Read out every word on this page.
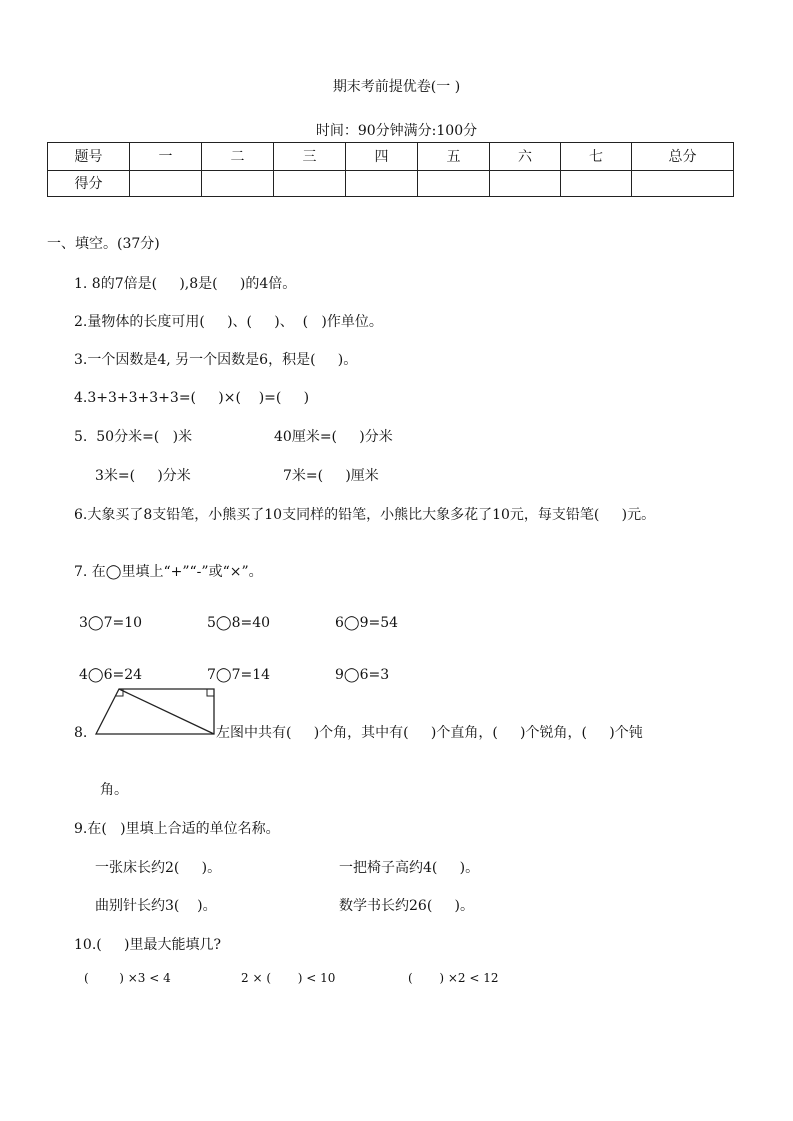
期末考前提优卷(一 )
时间：90分钟满分:100分
题号	一	二	三	四	五	六	七	总分
得分								
一、填空。(37分)
1. 8的7倍是(     ),8是(     )的4倍。
2.量物体的长度可用(     )、(     )、  (   )作单位。
3.一个因数是4, 另一个因数是6，积是(     )。
4.3+3+3+3+3=(     )×(    )=(     )
5.  50分米=(   )米	40厘米=(     )分米
3米=(     )分米	7米=(     )厘米
6.大象买了8支铅笔，小熊买了10支同样的铅笔，小熊比大象多花了10元，每支铅笔(     )元。
7. 在◯里填上“+”“-”或“×”。
3◯7=10	5◯8=40	6◯9=54
4◯6=24	7◯7=14	9◯6=3
8.	左图中共有(     )个角，其中有(     )个直角，(     )个锐角，(     )个钝
角。
9.在(   )里填上合适的单位名称。
一张床长约2(     )。	一把椅子高约4(     )。
曲别针长约3(    )。	数学书长约26(     )。
10.(     )里最大能填几?
(        ) ×3 < 4	2 × (       ) < 10	(       ) ×2 < 12
